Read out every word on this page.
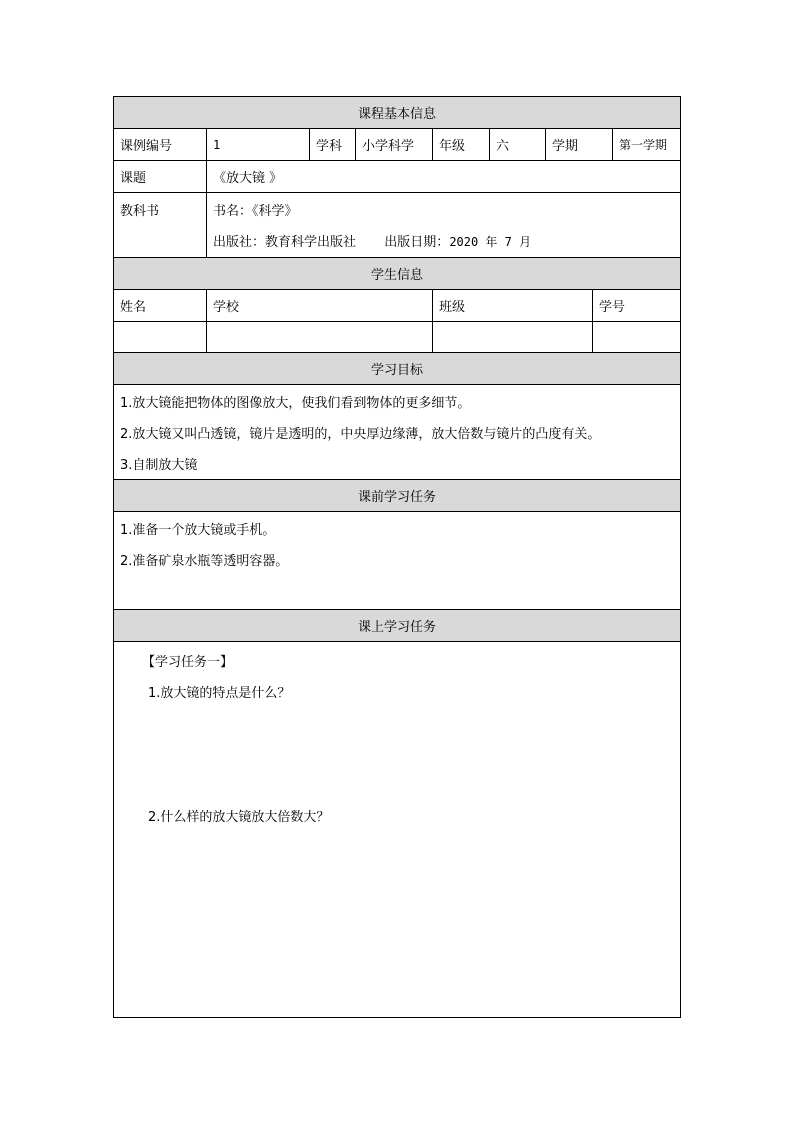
课程基本信息
课例编号	1	学科	小学科学	年级	六	学期	第一学期
课题	《放大镜 》
教科书	书名：《科学》
出版社：教育科学出版社 出版日期：2020 年 7 月
学生信息
姓名	学校	班级	学号
学习目标
1.放大镜能把物体的图像放大，使我们看到物体的更多细节。
2.放大镜又叫凸透镜，镜片是透明的，中央厚边缘薄，放大倍数与镜片的凸度有关。
3.自制放大镜
课前学习任务
1.准备一个放大镜或手机。
2.准备矿泉水瓶等透明容器。
课上学习任务
【学习任务一】
1.放大镜的特点是什么？
2.什么样的放大镜放大倍数大？
